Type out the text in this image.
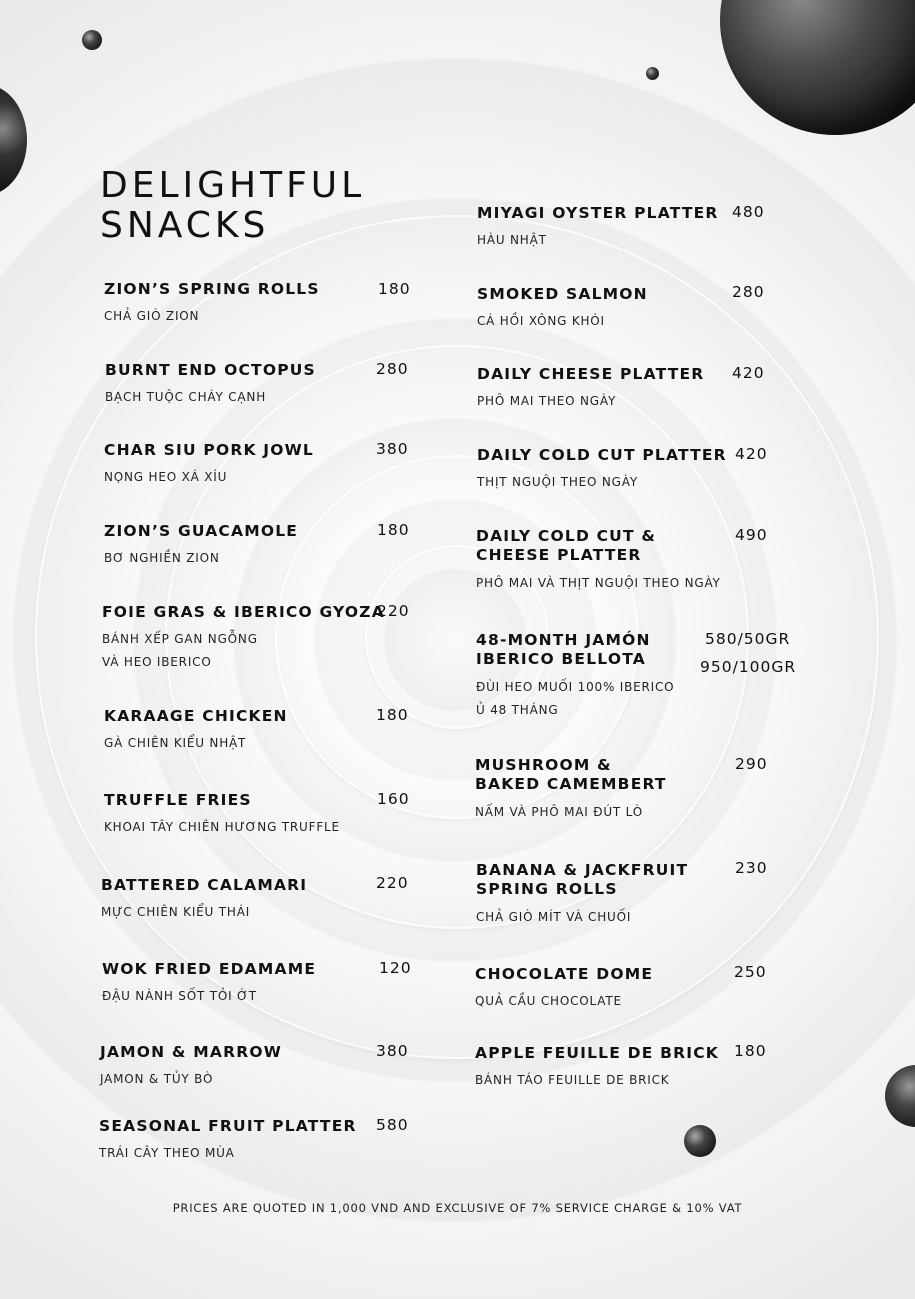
DELIGHTFUL
SNACKS
ZION’S SPRING ROLLS
CHẢ GIÒ ZION
180
BURNT END OCTOPUS
BẠCH TUỘC CHÁY CẠNH
280
CHAR SIU PORK JOWL
NỌNG HEO XÁ XÍU
380
ZION’S GUACAMOLE
BƠ NGHIỀN ZION
180
FOIE GRAS & IBERICO GYOZA
BÁNH XẾP GAN NGỖNG
VÀ HEO IBERICO
220
KARAAGE CHICKEN
GÀ CHIÊN KIỂU NHẬT
180
TRUFFLE FRIES
KHOAI TÂY CHIÊN HƯƠNG TRUFFLE
160
BATTERED CALAMARI
MỰC CHIÊN KIỂU THÁI
220
WOK FRIED EDAMAME
ĐẬU NÀNH SỐT TỎI ỚT
120
JAMON & MARROW
JAMON & TỦY BÒ
380
SEASONAL FRUIT PLATTER
TRÁI CÂY THEO MÙA
580
MIYAGI OYSTER PLATTER
HÀU NHẬT
480
SMOKED SALMON
CÁ HỒI XÔNG KHÓI
280
DAILY CHEESE PLATTER
PHÔ MAI THEO NGÀY
420
DAILY COLD CUT PLATTER
THỊT NGUỘI THEO NGÀY
420
DAILY COLD CUT &
CHEESE PLATTER
PHÔ MAI VÀ THỊT NGUỘI THEO NGÀY
490
48-MONTH JAMÓN
IBERICO BELLOTA
ĐÙI HEO MUỐI 100% IBERICO
Ủ 48 THÁNG
580/50GR
950/100GR
MUSHROOM &
BAKED CAMEMBERT
NẤM VÀ PHÔ MAI ĐÚT LÒ
290
BANANA & JACKFRUIT
SPRING ROLLS
CHẢ GIÒ MÍT VÀ CHUỐI
230
CHOCOLATE DOME
QUẢ CẦU CHOCOLATE
250
APPLE FEUILLE DE BRICK
BÁNH TÁO FEUILLE DE BRICK
180
PRICES ARE QUOTED IN 1,000 VND AND EXCLUSIVE OF 7% SERVICE CHARGE & 10% VAT
